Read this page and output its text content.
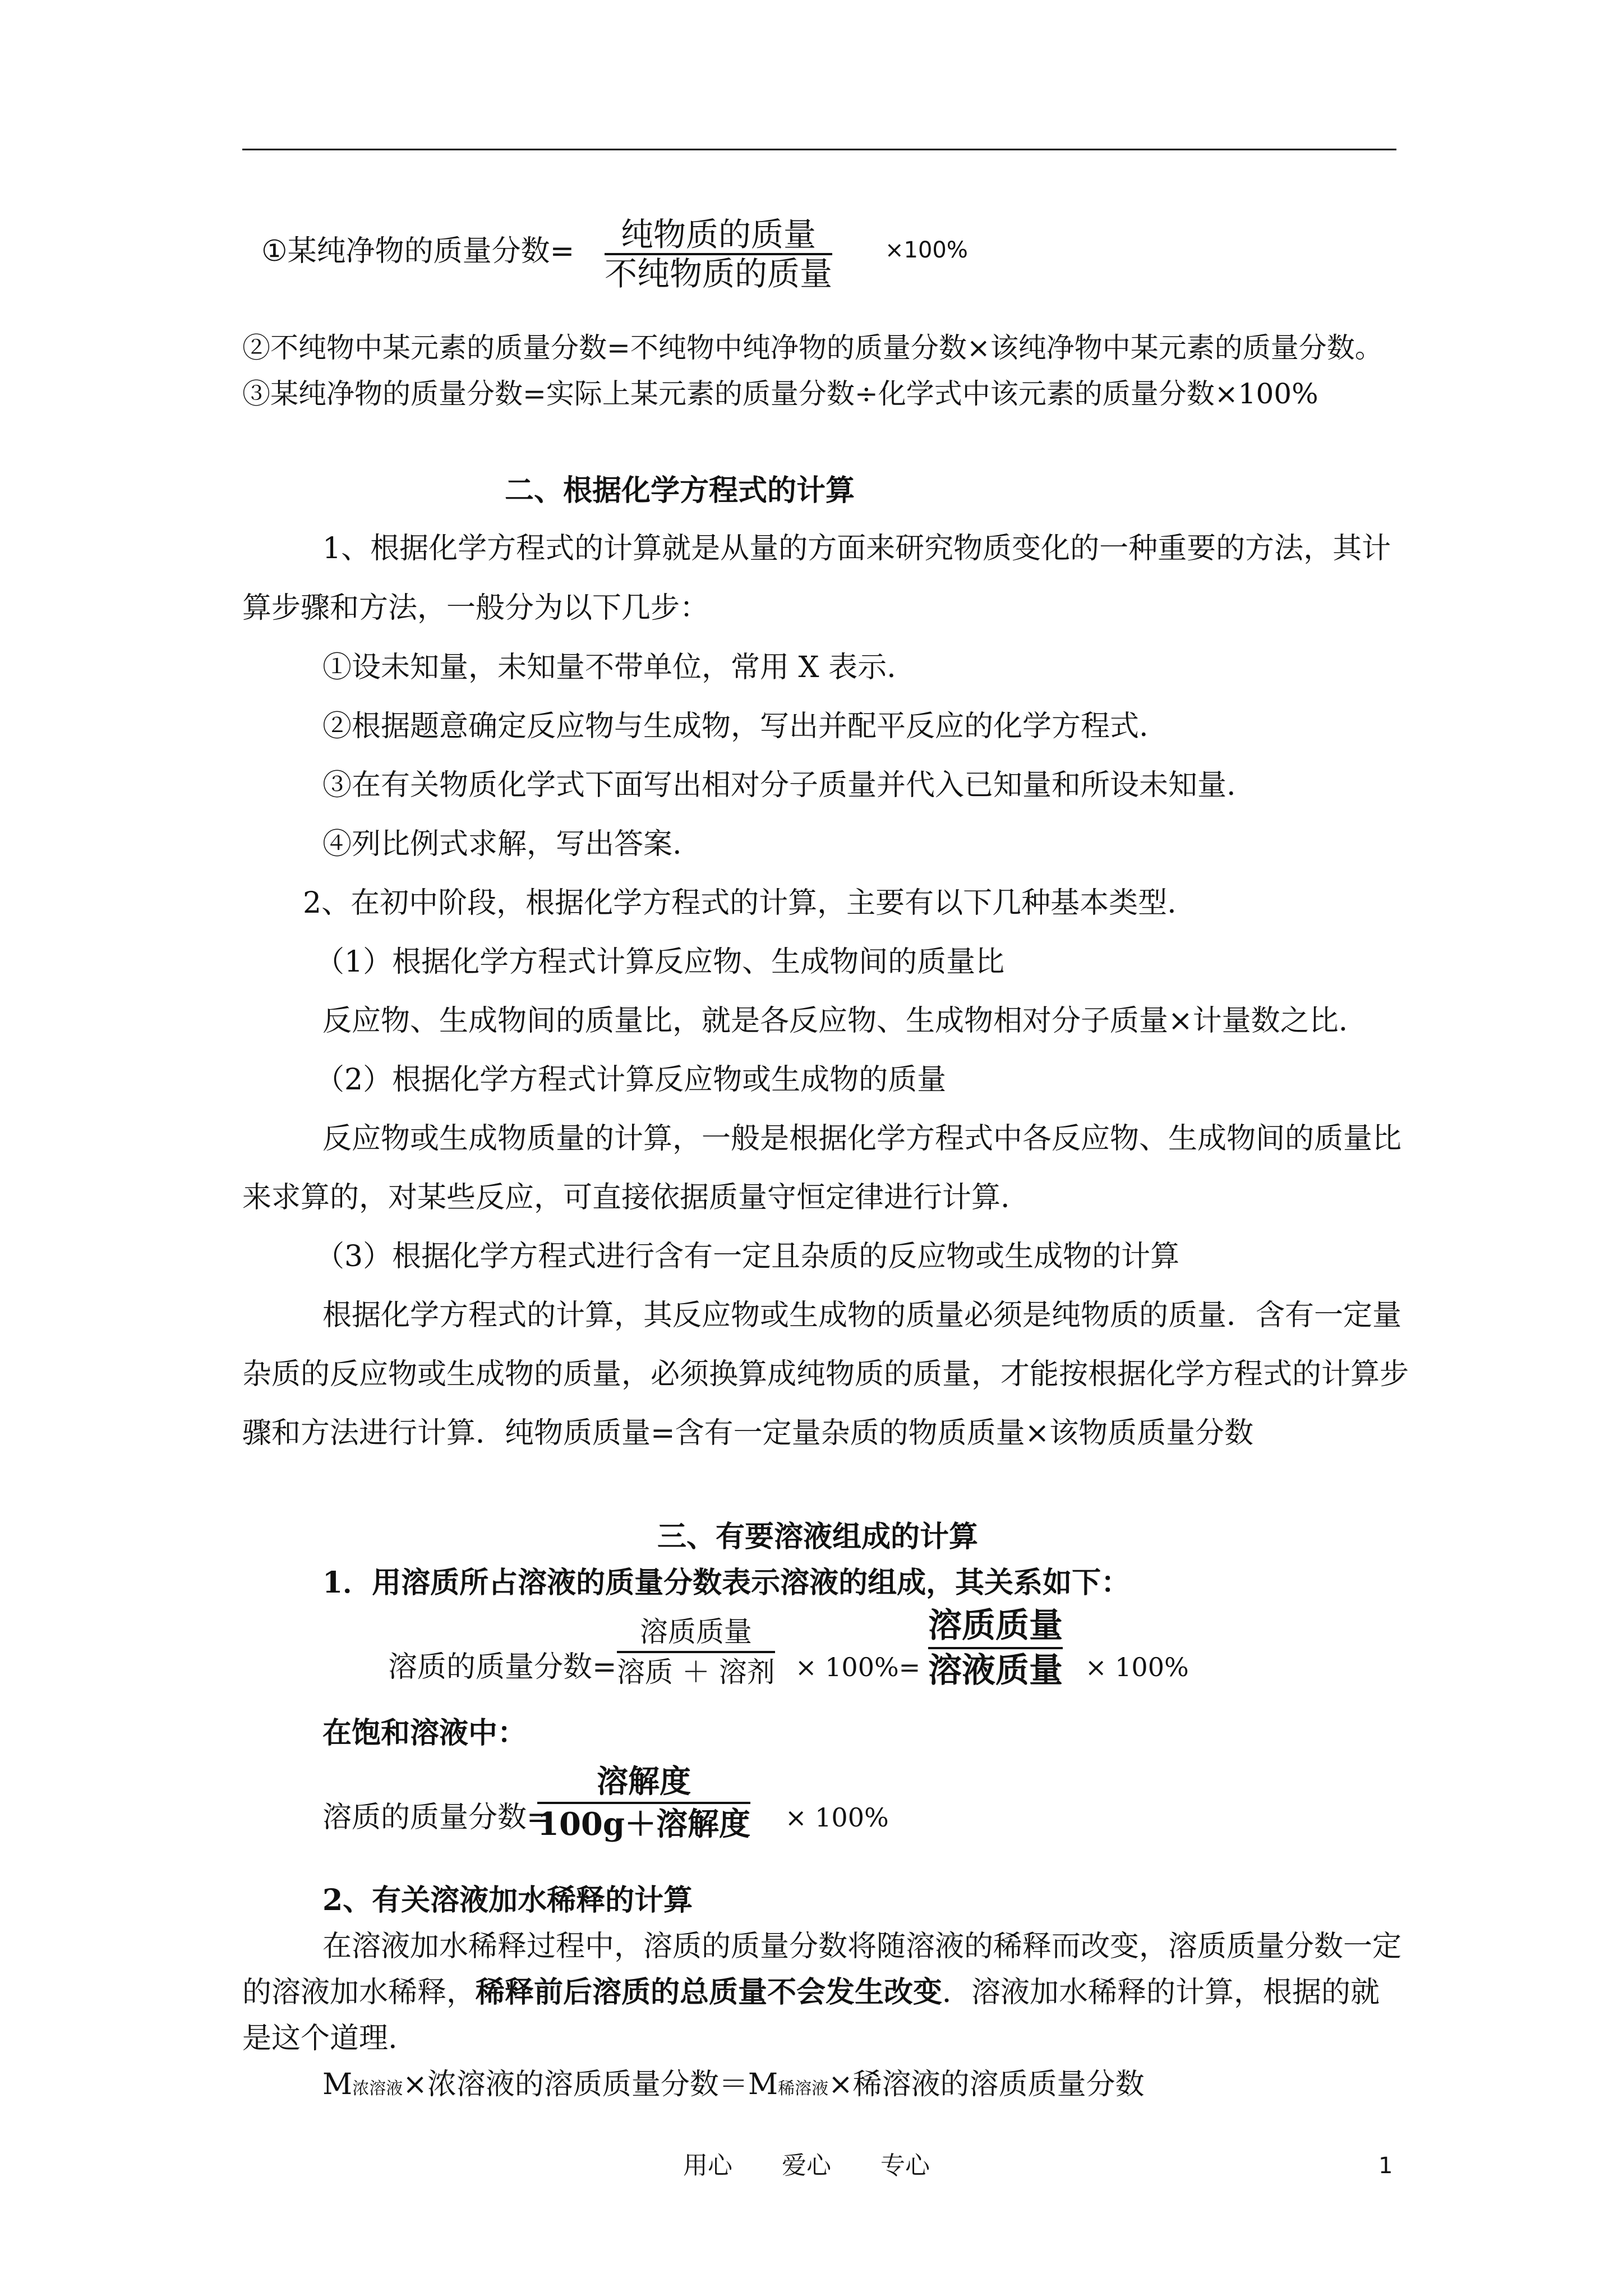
①某纯净物的质量分数= 纯物质的质量
不纯物质的质量
×100%
②不纯物中某元素的质量分数=不纯物中纯净物的质量分数×该纯净物中某元素的质量分数。
③某纯净物的质量分数=实际上某元素的质量分数÷化学式中该元素的质量分数×100%
二、根据化学方程式的计算
1、根据化学方程式的计算就是从量的方面来研究物质变化的一种重要的方法，其计
算步骤和方法，一般分为以下几步：
①设未知量，未知量不带单位，常用 X 表示.
②根据题意确定反应物与生成物，写出并配平反应的化学方程式.
③在有关物质化学式下面写出相对分子质量并代入已知量和所设未知量.
④列比例式求解，写出答案.
2、在初中阶段，根据化学方程式的计算，主要有以下几种基本类型.
（1）根据化学方程式计算反应物、生成物间的质量比
反应物、生成物间的质量比，就是各反应物、生成物相对分子质量×计量数之比.
（2）根据化学方程式计算反应物或生成物的质量
反应物或生成物质量的计算，一般是根据化学方程式中各反应物、生成物间的质量比
来求算的，对某些反应，可直接依据质量守恒定律进行计算.
（3）根据化学方程式进行含有一定且杂质的反应物或生成物的计算
根据化学方程式的计算，其反应物或生成物的质量必须是纯物质的质量．含有一定量
杂质的反应物或生成物的质量，必须换算成纯物质的质量，才能按根据化学方程式的计算步
骤和方法进行计算．纯物质质量=含有一定量杂质的物质质量×该物质质量分数
三、有要溶液组成的计算
1．用溶质所占溶液的质量分数表示溶液的组成，其关系如下：
溶质的质量分数=
溶质质量
溶质 ＋ 溶剂 × 100%=
溶质质量
溶液质量 × 100%
在饱和溶液中：
溶质的质量分数=
溶解度
100g＋溶解度 × 100%
2、有关溶液加水稀释的计算
在溶液加水稀释过程中，溶质的质量分数将随溶液的稀释而改变，溶质质量分数一定
的溶液加水稀释，稀释前后溶质的总质量不会发生改变．溶液加水稀释的计算，根据的就
是这个道理.
M浓溶液×浓溶液的溶质质量分数＝M稀溶液×稀溶液的溶质质量分数
用心　　爱心　　专心	1
